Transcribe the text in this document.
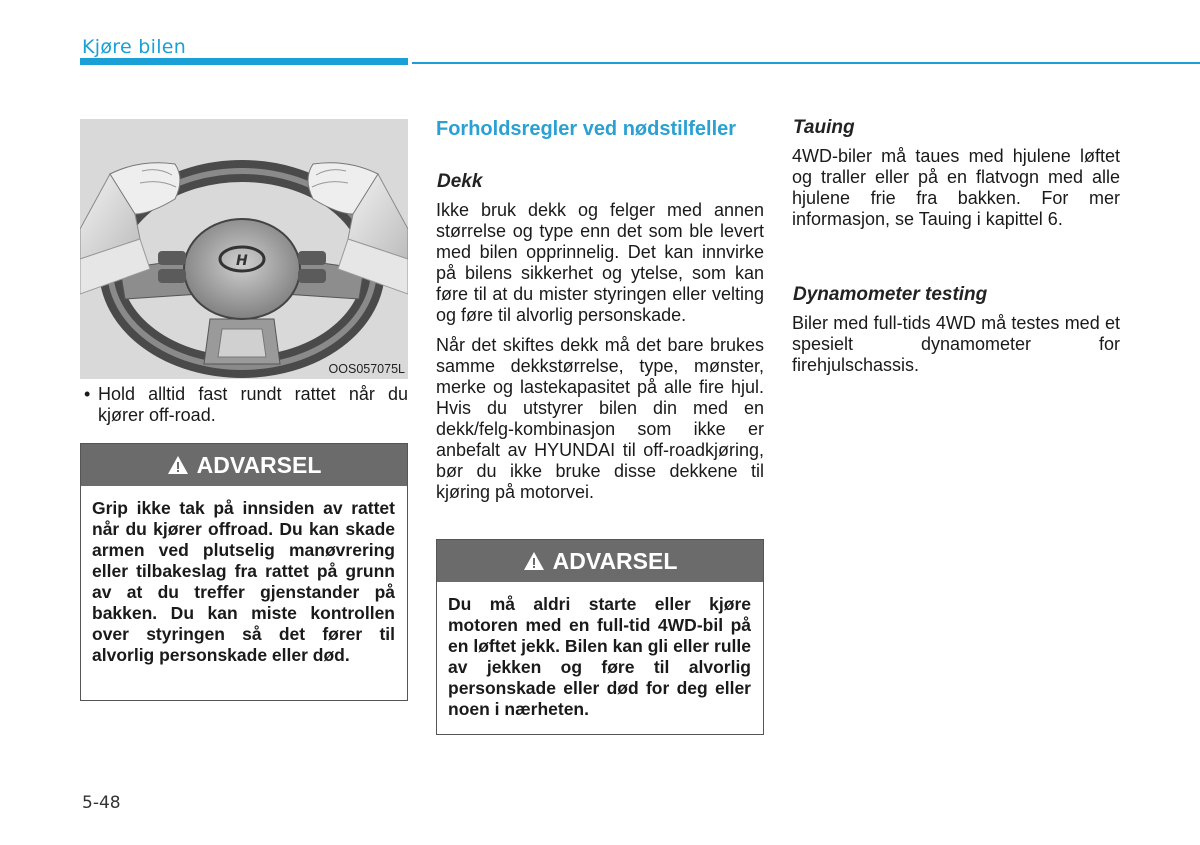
Kjøre bilen
H
OOS057075L
• Hold alltid fast rundt rattet når du kjører off-road.
ADVARSEL
Grip ikke tak på innsiden av rattet når du kjører offroad. Du kan skade armen ved plutselig manøvrering eller tilbakeslag fra rattet på grunn av at du treffer gjenstander på bakken. Du kan miste kontrollen over styringen så det fører til alvorlig personskade eller død.
Forholdsregler ved nødstilfeller
Dekk

Ikke bruk dekk og felger med annen størrelse og type enn det som ble levert med bilen opprinnelig. Det kan innvirke på bilens sikkerhet og ytelse, som kan føre til at du mister styringen eller velting og føre til alvorlig personskade.

Når det skiftes dekk må det bare brukes samme dekkstørrelse, type, mønster, merke og lastekapasitet på alle fire hjul. Hvis du utstyrer bilen din med en dekk/felg-kombinasjon som ikke er anbefalt av HYUNDAI til off-roadkjøring, bør du ikke bruke disse dekkene til kjøring på motorvei.

ADVARSEL
Du må aldri starte eller kjøre motoren med en full-tid 4WD-bil på en løftet jekk. Bilen kan gli eller rulle av jekken og føre til alvorlig personskade eller død for deg eller noen i nærheten.
Tauing

4WD-biler må taues med hjulene løftet og traller eller på en flatvogn med alle hjulene frie fra bakken. For mer informasjon, se Tauing i kapittel 6.

Dynamometer testing

Biler med full-tids 4WD må testes med et spesielt dynamometer for firehjulschassis.

5-48
